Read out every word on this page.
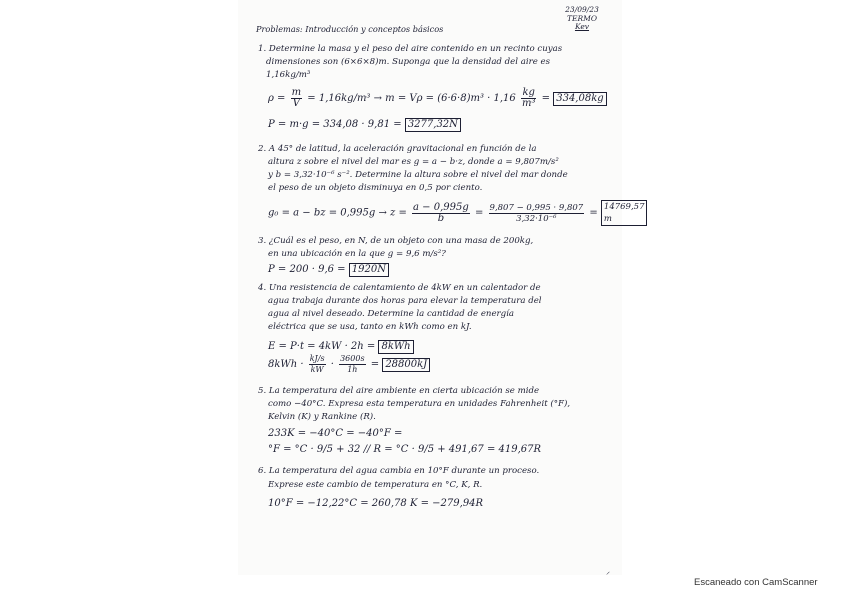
23/09/23
TERMO
Kev
Problemas: Introducción y conceptos básicos
1. Determine la masa y el peso del aire contenido en un recinto cuyas
dimensiones son (6×6×8)m. Suponga que la densidad del aire es
1,16kg/m³
$\rho = \frac{m}{V} = 1,16kg/m^3 \to m = V\rho = (6\cdot 6\cdot 8)m^3 \cdot 1,16 \frac{kg}{\text{m³}} = 334,08kg$
P = m·g = 334,08 · 9,81 = 3277,32N
2. A 45° de latitud, la aceleración gravitacional en función de la
altura z sobre el nivel del mar es g = a − b·z, donde a = 9,807m/s²
y b = 3,32·10⁻⁶ s⁻². Determine la altura sobre el nivel del mar donde
el peso de un objeto disminuya en 0,5 por ciento.
g₀ = a − bz = $0,995g \to z = \frac{a - 0,995g}{b} = \frac{9,807 - 0,995 \cdot 9,807}{\text{3,32·10⁻⁶}} = 14769,57$ m
3. ¿Cuál es el peso, en N, de un objeto con una masa de 200kg,
en una ubicación en la que g = 9,6 m/s²?
P = 200 · 9,6 = 1920N
4. Una resistencia de calentamiento de 4kW en un calentador de
agua trabaja durante dos horas para elevar la temperatura del
agua al nivel deseado. Determine la cantidad de energía
eléctrica que se usa, tanto en kWh como en kJ.
E = P·t = 4kW · 2h = 8kWh
$8kWh \cdot \frac{kJ/s}{kW} \cdot \frac{3600s}{1h} = 28800kJ$
5. La temperatura del aire ambiente en cierta ubicación se mide
como −40°C. Expresa esta temperatura en unidades Fahrenheit (°F),
Kelvin (K) y Rankine (R).
233K = −40°C = −40°F =
°F = °C · 9/5 + 32 // R = °C · 9/5 + 491,67 = 419,67R
6. La temperatura del agua cambia en 10°F durante un proceso.
Exprese este cambio de temperatura en °C, K, R.
10°F = −12,22°C = 260,78 K = −279,94R
⸝
Escaneado con CamScanner
